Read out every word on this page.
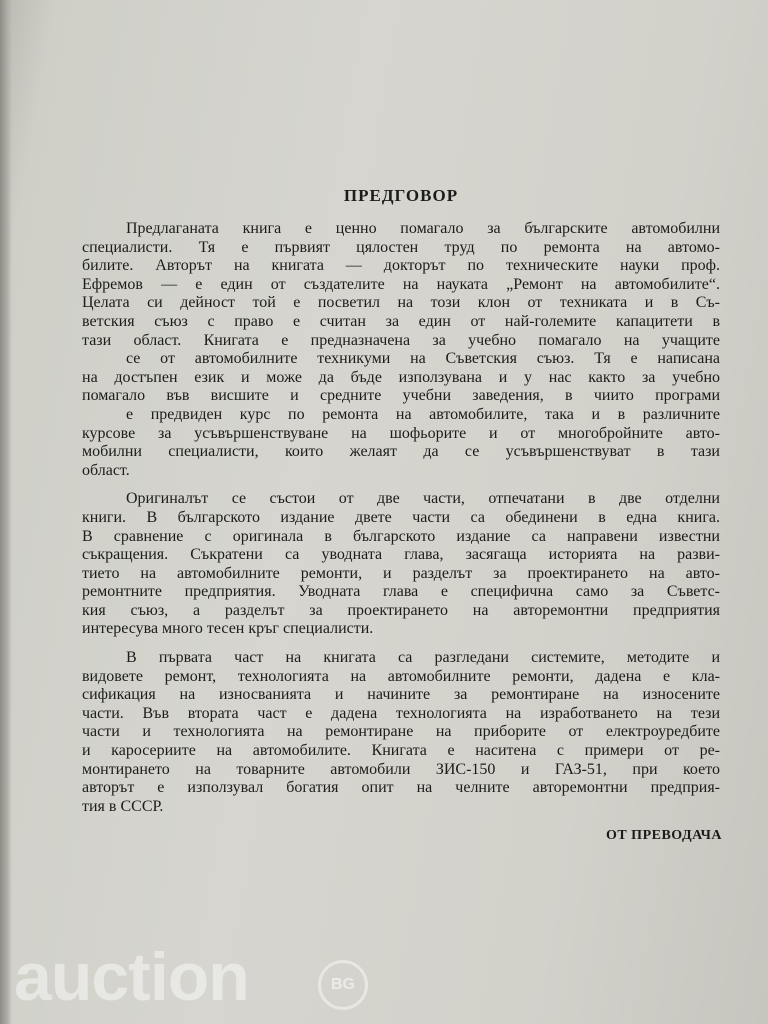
ПРЕДГОВОР
Предлаганата книга е ценно помагало за българските автомобилни
специалисти. Тя е първият цялостен труд по ремонта на автомо-
билите. Авторът на книгата — докторът по техническите науки проф.
Ефремов — е един от създателите на науката „Ремонт на автомобилите“.
Целата си дейност той е посветил на този клон от техниката и в Съ-
ветския съюз с право е считан за един от най-големите капацитети в
тази област. Книгата е предназначена за учебно помагало на учащите
се от автомобилните техникуми на Съветския съюз. Тя е написана
на достъпен език и може да бъде използувана и у нас както за учебно
помагало във висшите и средните учебни заведения, в чиито програми
е предвиден курс по ремонта на автомобилите, така и в различните
курсове за усъвършенствуване на шофьорите и от многобройните авто-
мобилни специалисти, които желаят да се усъвършенствуват в тази
област.
Оригиналът се състои от две части, отпечатани в две отделни
книги. В българското издание двете части са обединени в една книга.
В сравнение с оригинала в българското издание са направени известни
съкращения. Съкратени са уводната глава, засягаща историята на разви-
тието на автомобилните ремонти, и разделът за проектирането на авто-
ремонтните предприятия. Уводната глава е специфична само за Съветс-
кия съюз, а разделът за проектирането на авторемонтни предприятия
интересува много тесен кръг специалисти.
В първата част на книгата са разгледани системите, методите и
видовете ремонт, технологията на автомобилните ремонти, дадена е кла-
сификация на износванията и начините за ремонтиране на износените
части. Във втората част е дадена технологията на изработването на тези
части и технологията на ремонтиране на приборите от електроуредбите
и каросериите на автомобилите. Книгата е наситена с примери от ре-
монтирането на товарните автомобили ЗИС-150 и ГАЗ-51, при което
авторът е използувал богатия опит на челните авторемонтни предприя-
тия в СССР.
ОТ ПРЕВОДАЧА
auction	BG
